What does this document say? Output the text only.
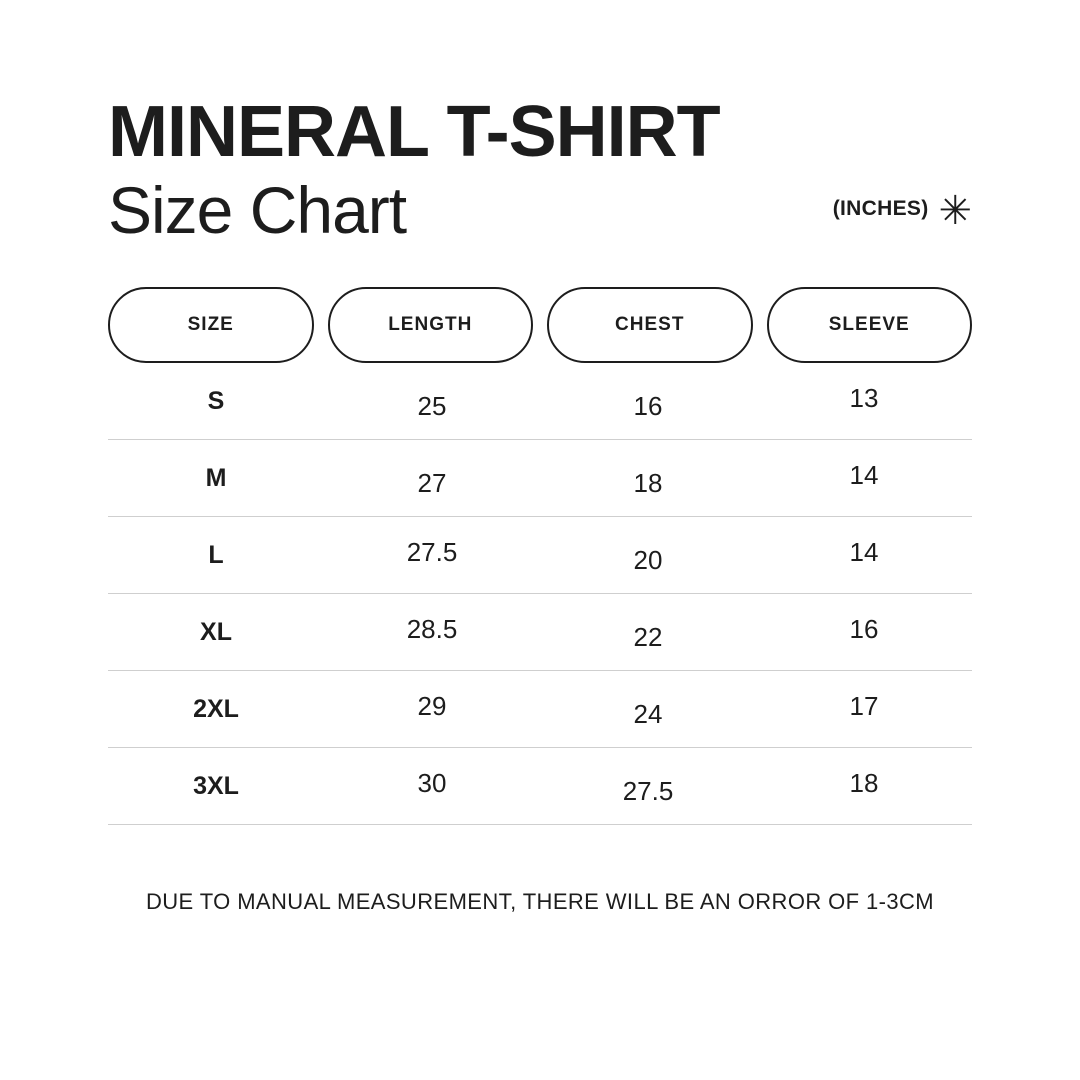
MINERAL T-SHIRT
Size Chart	(INCHES) ✳
SIZE	LENGTH	CHEST	SLEEVE
S	25	16	13
M	27	18	14
L	27.5	20	14
XL	28.5	22	16
2XL	29	24	17
3XL	30	27.5	18
DUE TO MANUAL MEASUREMENT, THERE WILL BE AN ORROR OF 1-3CM
